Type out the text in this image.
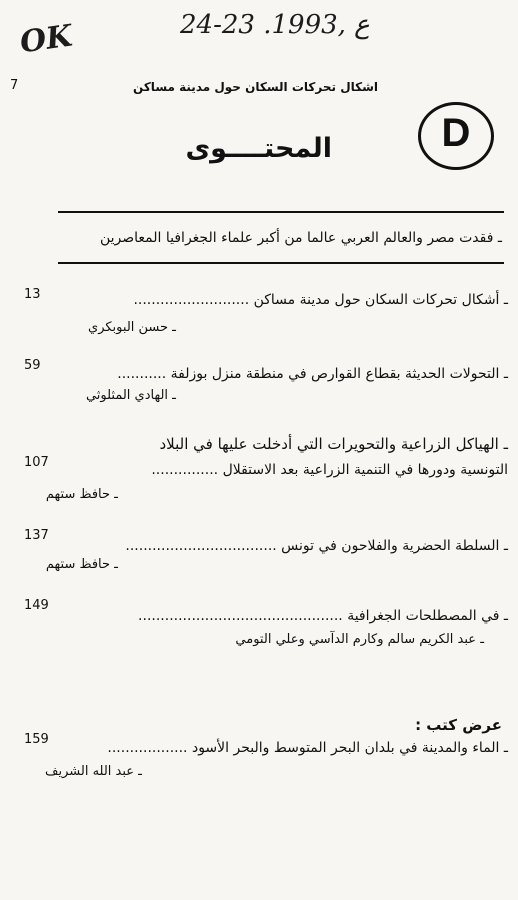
OK	24-23 .ع ,1993
7	اشكال تحركات السكان حول مدينة مساكن
D
المحتــــوى
ـ فقدت مصر والعالم العربي عالما من أكبر علماء الجغرافيا المعاصرين
ـ أشكال تحركات السكان حول مدينة مساكن ..........................
13
ـ حسن البوبكري
ـ التحولات الحديثة بقطاع القوارص في منطقة منزل بوزلفة ...........
59
ـ الهادي المثلوثي
ـ الهياكل الزراعية والتحويرات التي أدخلت عليها في البلاد
التونسية ودورها في التنمية الزراعية بعد الاستقلال ...............
107
ـ حافظ ستهم
ـ السلطة الحضرية والفلاحون في تونس ..................................
137
ـ حافظ ستهم
ـ في المصطلحات الجغرافية ..............................................
149
ـ عبد الكريم سالم وكارم الدآسي وعلي التومي
عرض كتب :
ـ الماء والمدينة في بلدان البحر المتوسط والبحر الأسود ..................
159
ـ عبد الله الشريف
